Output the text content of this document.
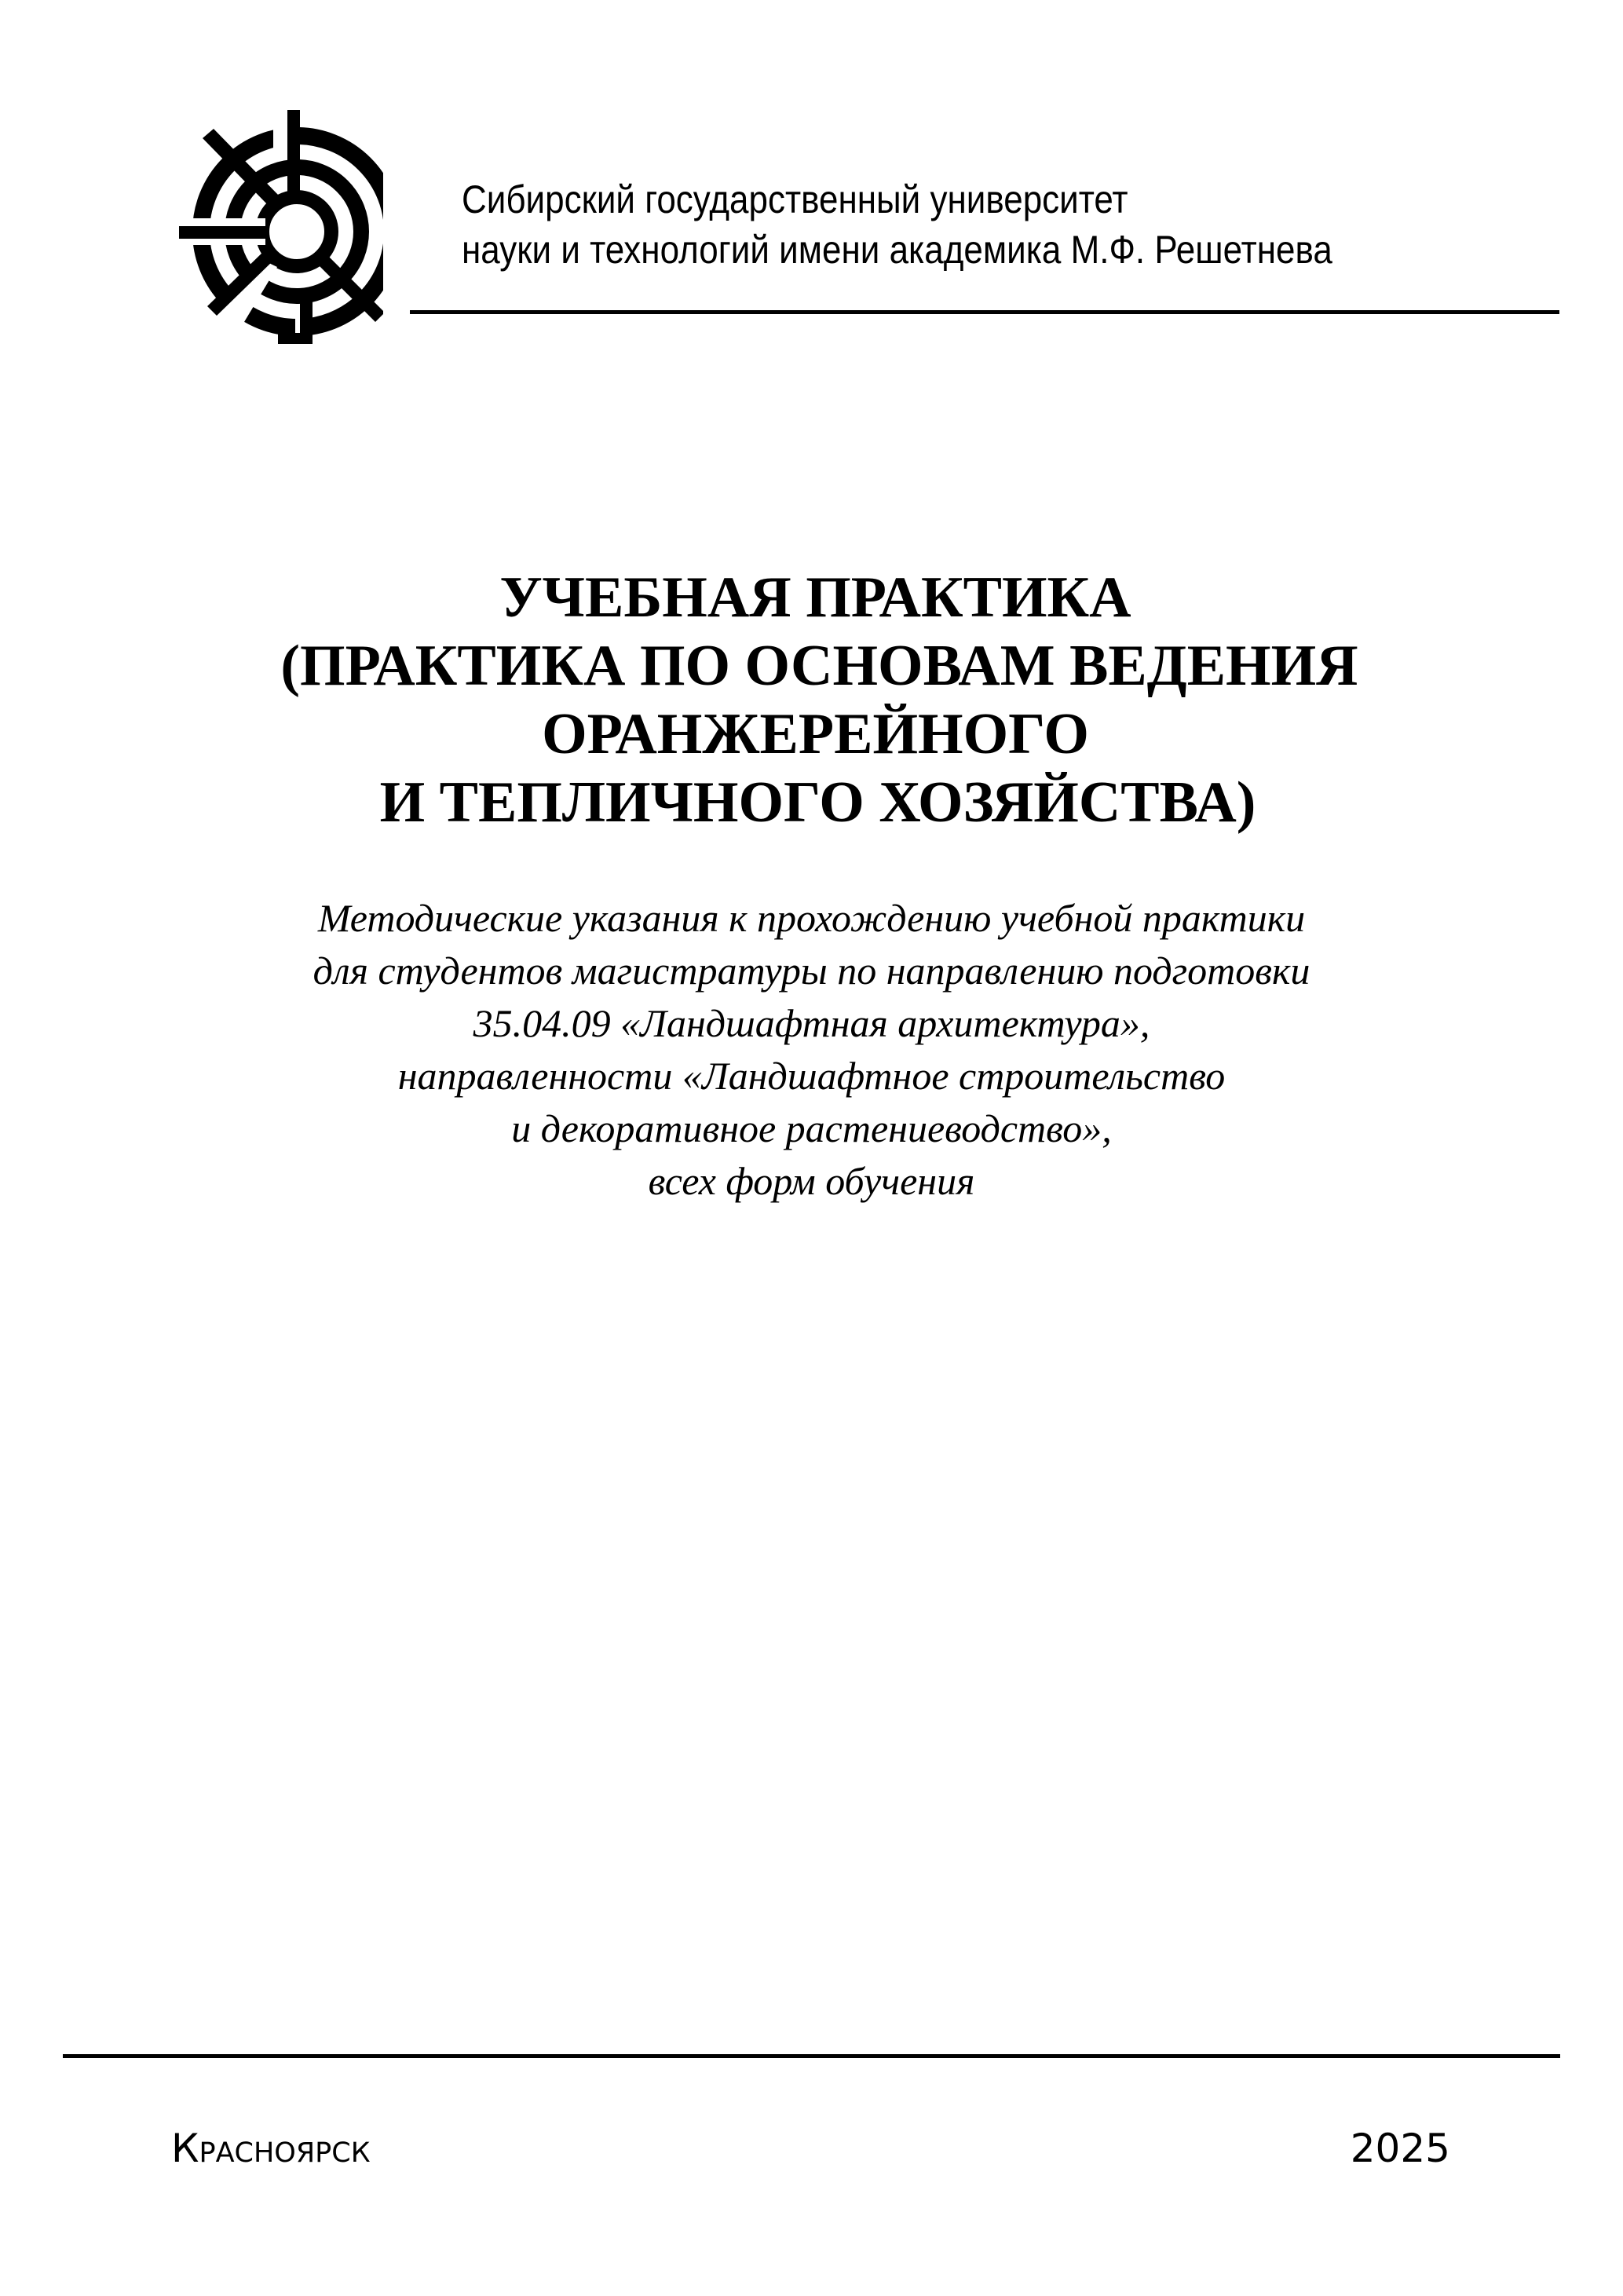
Сибирский государственный университет
науки и технологий имени академика М.Ф. Решетнева
УЧЕБНАЯ ПРАКТИКА
(ПРАКТИКА ПО ОСНОВАМ ВЕДЕНИЯ
ОРАНЖЕРЕЙНОГО
И ТЕПЛИЧНОГО ХОЗЯЙСТВА)
Методические указания к прохождению учебной практики
для студентов магистратуры по направлению подготовки
35.04.09 «Ландшафтная архитектура»,
направленности «Ландшафтное строительство
и декоративное растениеводство»,
всех форм обучения
Красноярск	2025
